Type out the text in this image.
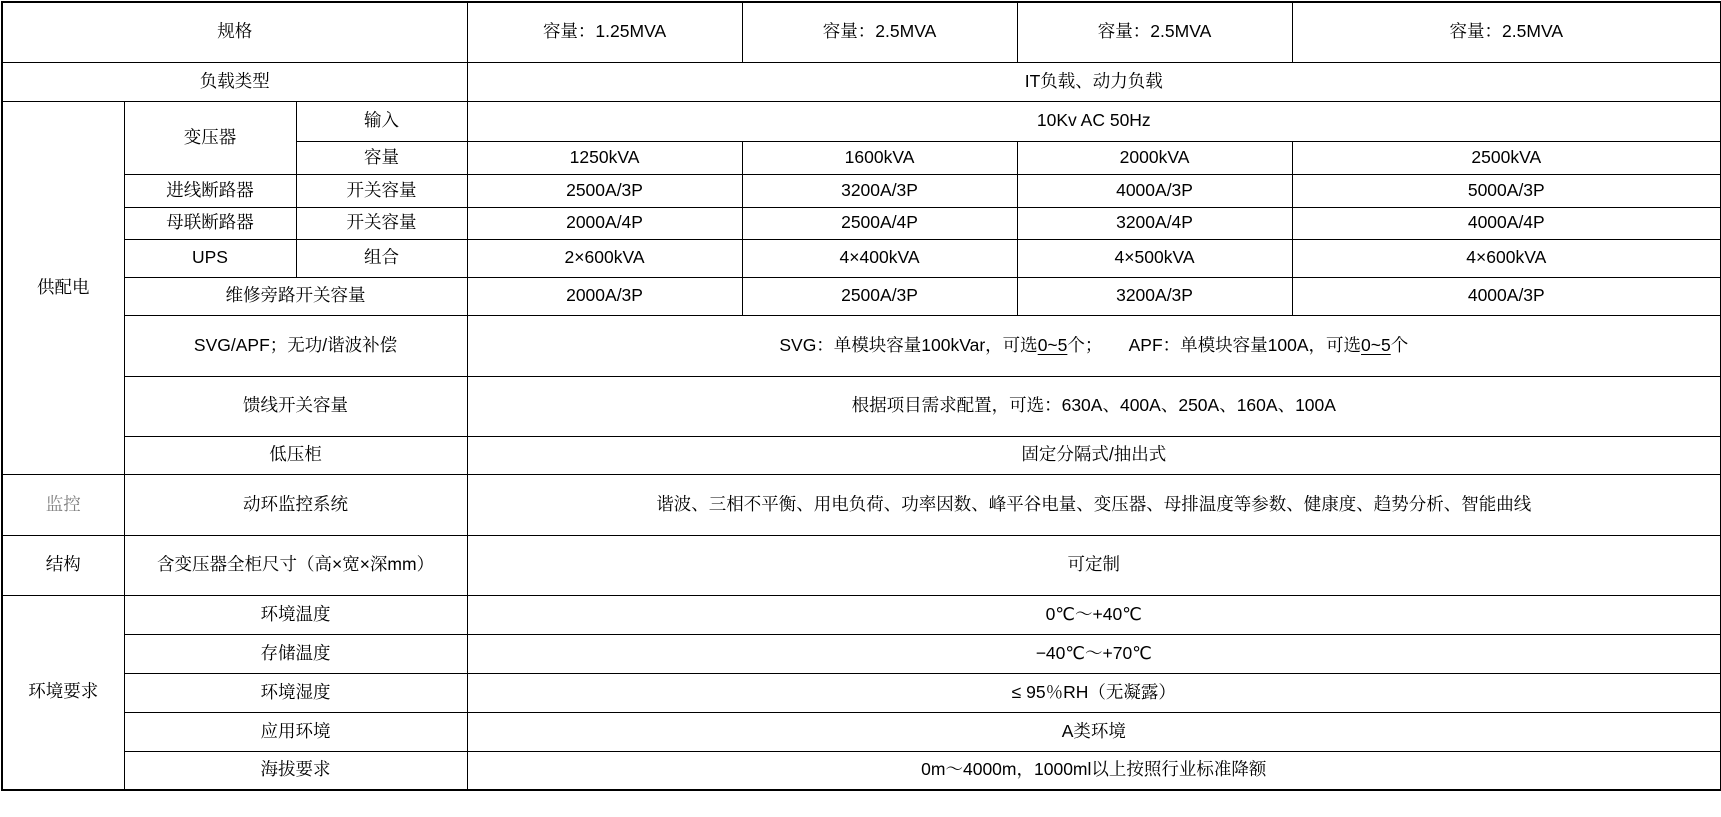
规格			容量：1.25MVA	容量：2.5MVA	容量：2.5MVA	容量：2.5MVA
负载类型			IT负载、动力负载			
供配电	变压器	输入	10Kv AC 50Hz			
		容量	1250kVA	1600kVA	2000kVA	2500kVA
	进线断路器	开关容量	2500A/3P	3200A/3P	4000A/3P	5000A/3P
	母联断路器	开关容量	2000A/4P	2500A/4P	3200A/4P	4000A/4P
	UPS	组合	2×600kVA	4×400kVA	4×500kVA	4×600kVA
	维修旁路开关容量		2000A/3P	2500A/3P	3200A/3P	4000A/3P
	SVG/APF；无功/谐波补偿		SVG：单模块容量100kVar，可选0~5个；　　APF：单模块容量100A，可选0~5个			
	馈线开关容量		根据项目需求配置，可选：630A、400A、250A、160A、100A			
	低压柜		固定分隔式/抽出式			
监控	动环监控系统		谐波、三相不平衡、用电负荷、功率因数、峰平谷电量、变压器、母排温度等参数、健康度、趋势分析、智能曲线			
结构	含变压器全柜尺寸（高×宽×深mm）		可定制			
环境要求	环境温度		0℃～+40℃			
	存储温度		−40℃～+70℃			
	环境湿度		≤ 95％RH（无凝露）			
	应用环境		A类环境			
	海拔要求		0m～4000m，1000ml以上按照行业标准降额			
